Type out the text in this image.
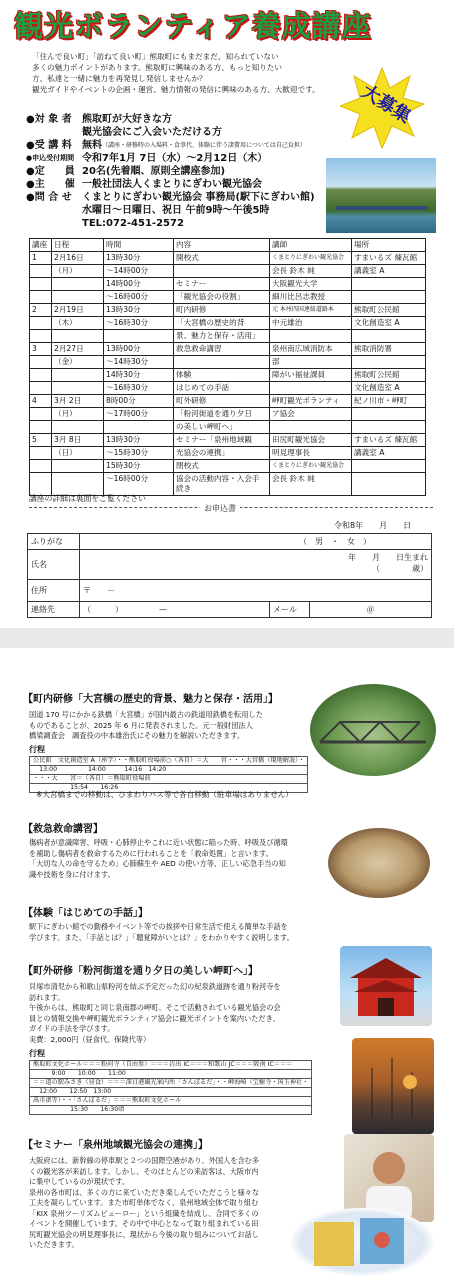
観光ボランティア養成講座
「住んで良い町」「訪ねて良い町」熊取町にもまだまだ、知られていない
多くの魅力ポイントがあります。熊取町に興味のある方、もっと知りたい
方、私達と一緒に魅力を再発見し発信しませんか？
観光ガイドやイベントの企画・運営、魅力情報の発信に興味のある方、大歓迎です。	大募集
●対 象 者	熊取町が大好きな方
観光協会にご入会いただける方
●受 講 料	無料 （講座・研修時の入場料・食事代、体験に伴う諸費用については自己負担）
●申込受付期間 令和7年1月 7日（水）〜2月12日（木）
●定　　員 20名(先着順、原則全講座参加)
●主　　催 一般社団法人くまとりにぎわい観光協会
●問 合 せ	くまとりにぎわい観光協会 事務局(駅下にぎわい館)
水曜日〜日曜日、祝日 午前9時〜午後5時
TEL:072-451-2572
講座	日程	時間	内容	講師	場所
1	2月16日	13時30分	開校式	くまとりにぎわい観光協会	すまいるズ 煉瓦館
	（月）	〜14時00分		会長 鈴木 純	講義室 A
		14時00分	セミナー	大阪観光大学	
		〜16時00分	「観光協会の役割」	細川比呂志教授	
2	2月19日	13時30分	町内研修	元 本州四国連絡道路本	熊取町公民館
	（木）	〜16時30分	「大宮橋の歴史的背	中元雄治	文化創造室 A
			景、魅力と保存・活用」		
3	2月27日	13時00分	救急救命講習	泉州南広域消防本	熊取消防署
	（金）	〜14時30分		部	
		14時30分	体験	障がい福祉課員	熊取町公民館
		〜16時30分	はじめての手話		文化創造室 A
4	3月 2日	8時00分	町外研修	岬町観光ボランティ	紀ノ川市・岬町
	（月）	〜17時00分	「粉河街道を通り夕日	ア協会	
			の美しい岬町へ」		
5	3月 8日	13時30分	セミナー「泉州地域観	田尻町観光協会	すまいるズ 煉瓦館
	（日）	〜15時30分	光協会の連携」	明見理事長	講義室 A
		15時30分	閉校式	くまとりにぎわい観光協会	
		〜16時00分	協会の活動内容・入会手続き	会長 鈴木 純	
講座の詳細は裏面をご覧ください
お申込書
令和8年　　月　　日
ふりがな	（　男　・　女　）		
氏名	年　　月　　日生まれ
（　　　　歳）		

住所	〒　　－		
連絡先	（　　　）　　　　　—	メール	＠
【町内研修「大宮橋の歴史的背景、魅力と保存・活用」】
国道 170 号にかかる鉄橋「大宮橋」が国内最古の鉄道用鉄橋を転用した
ものであることが、2025 年 6 月に発表されました。元一般財団法人
橋梁調査会　調査役の中本雄治氏にその魅力を解説いただきます。
行程
公民館　文化創造室 A（座学）・・熊取町役場前○（各自）＝大　　宮・・・大宮橋（現地解説）・
　13:00　　　　　14:00　　　14:16　14:20
・・・大　　宮＝（各自）＝熊取町役場前
　　　　　　15:54　　16:26
※大宮橋までの移動は、ひまわりバス等で各自移動（駐車場はありません）
【救急救命講習】
傷病者が意識障害、呼吸・心肺停止やこれに近い状態に陥った時、呼吸及び循環
を補助し傷病者を救命するために行われることを「救命処置」と言います。
「大切な人の命を守るため」心肺蘇生や AED の使い方等、正しい応急手当の知
識や技術を身に付けます。
【体験「はじめての手話」】
駅下にぎわい館での勤務やイベント等での挨拶や日常生活で使える簡単な手話を
学びます。また、「手話とは？」「聴覚障がいとは？」をわかりやすく説明します。
【町外研修「粉河街道を通り夕日の美しい岬町へ」】
貝塚市清児から和歌山県粉河を結ぶ予定だった幻の紀泉鉄道跡を通り粉河寺を
訪れます。
午後からは、熊取町と同じ泉南郡の岬町。そこで活動されている観光協会の会
員との情報交換や岬町観光ボランティア協会に観光ポイントを案内いただき、
ガイドの手法を学びます。
実費：2,000円（昼食代、保険代等）
行程
熊取町文化ホール＝＝＝粉河寺（自由参）＝＝＝岩出 IC＝＝＝和歌山 JC＝＝＝阪南 IC＝＝＝
　　　9:00　　10:00　　11:00
＝＝道の駅みさき（昼食）＝＝＝深日港観光案内所「さんぽるだ」・・岬海崎（宝樹寺・国玉神社・
　12:00　　12:50　13:00
禹市湊等）・・「さんぽるだ」＝＝＝熊取町文化ホール
　　　　　　15:30　　16:30頃
【セミナー「泉州地域観光協会の連携」】
大阪府には、新幹線の停車駅と２つの国際空港があり、外国人を含む多
くの観光客が来訪します。しかし、そのほとんどの来訪客は、大阪市内
に集中しているのが現状です。
泉州の各市町は、多くの方に来ていただき楽しんでいただこうと様々な
工夫を凝らしています。また市町単体でなく、泉州地域全体で取り組む
「KIX 泉州ツーリズムビューロー」という組織を結成し、合同で多くの
イベントを開催しています。その中で中心となって取り組まれている田
尻町観光協会の明見理事長に、現状から今後の取り組みについてお話し
いただきます。
